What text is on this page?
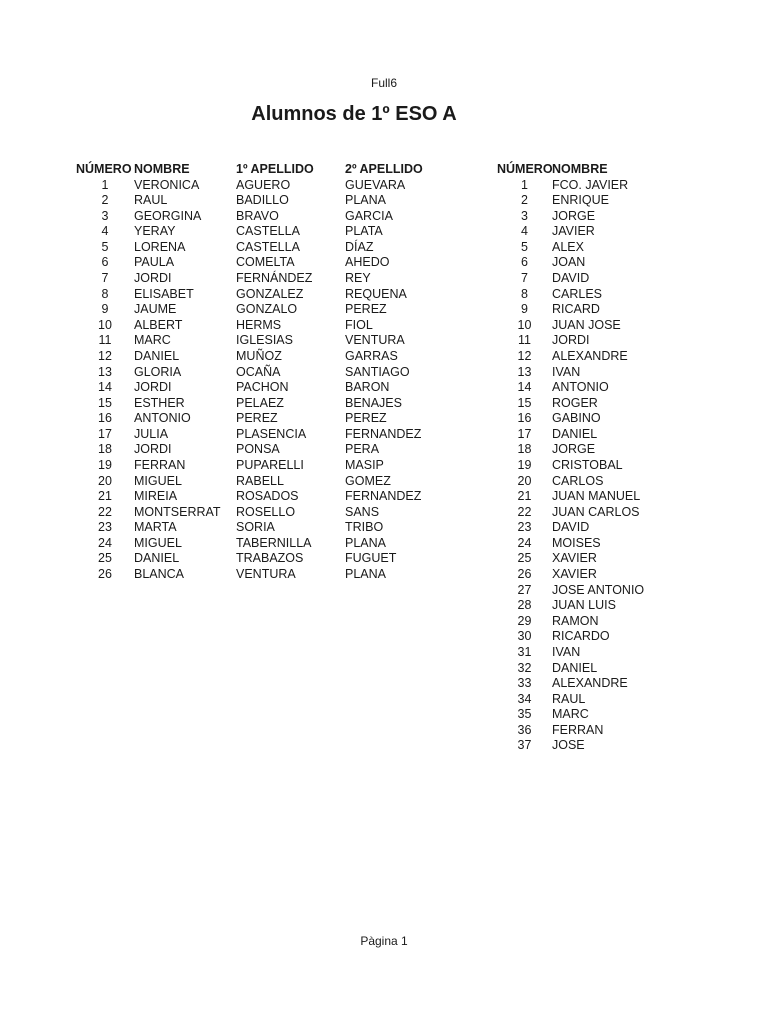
Full6
Alumnos de 1º ESO A
NÚMERO NOMBRE	1º APELLIDO	2º APELLIDO
1	VERONICA	AGUERO	GUEVARA
2	RAUL	BADILLO	PLANA
3	GEORGINA	BRAVO	GARCIA
4	YERAY	CASTELLA	PLATA
5	LORENA	CASTELLA	DÍAZ
6	PAULA	COMELTA	AHEDO
7	JORDI	FERNÁNDEZ	REY
8	ELISABET	GONZALEZ	REQUENA
9	JAUME	GONZALO	PEREZ
10	ALBERT	HERMS	FIOL
11	MARC	IGLESIAS	VENTURA
12	DANIEL	MUÑOZ	GARRAS
13	GLORIA	OCAÑA	SANTIAGO
14	JORDI	PACHON	BARON
15	ESTHER	PELAEZ	BENAJES
16	ANTONIO	PEREZ	PEREZ
17	JULIA	PLASENCIA	FERNANDEZ
18	JORDI	PONSA	PERA
19	FERRAN	PUPARELLI	MASIP
20	MIGUEL	RABELL	GOMEZ
21	MIREIA	ROSADOS	FERNANDEZ
22	MONTSERRAT	ROSELLO	SANS
23	MARTA	SORIA	TRIBO
24	MIGUEL	TABERNILLA	PLANA
25	DANIEL	TRABAZOS	FUGUET
26	BLANCA	VENTURA	PLANA
NÚMERO NOMBRE
1	FCO. JAVIER
2	ENRIQUE
3	JORGE
4	JAVIER
5	ALEX
6	JOAN
7	DAVID
8	CARLES
9	RICARD
10	JUAN JOSE
11	JORDI
12	ALEXANDRE
13	IVAN
14	ANTONIO
15	ROGER
16	GABINO
17	DANIEL
18	JORGE
19	CRISTOBAL
20	CARLOS
21	JUAN MANUEL
22	JUAN CARLOS
23	DAVID
24	MOISES
25	XAVIER
26	XAVIER
27	JOSE ANTONIO
28	JUAN LUIS
29	RAMON
30	RICARDO
31	IVAN
32	DANIEL
33	ALEXANDRE
34	RAUL
35	MARC
36	FERRAN
37	JOSE
Pàgina 1
